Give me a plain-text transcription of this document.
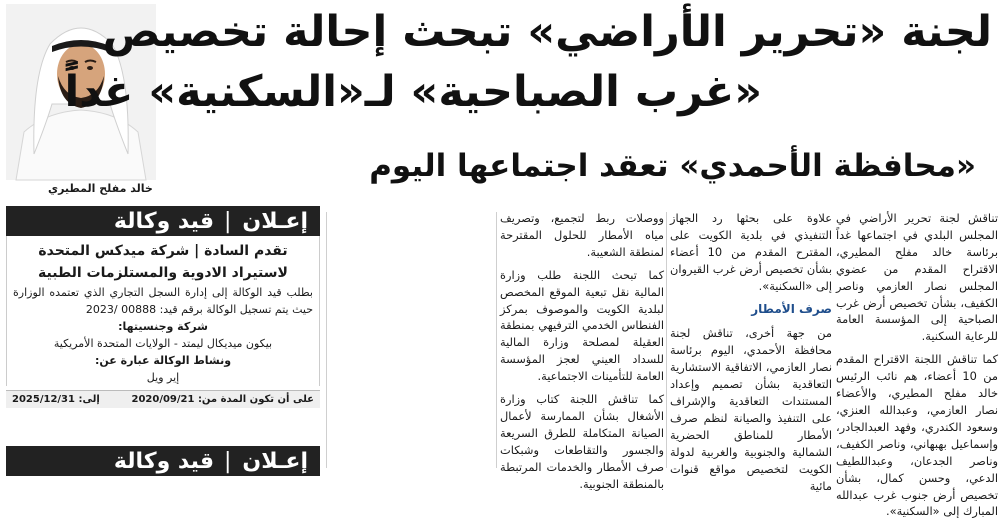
خالد مفلح المطيري
لجنة «تحرير الأراضي» تبحث إحالة تخصيص
«غرب الصباحية» لـ«السكنية» غداً
«محافظة الأحمدي» تعقد اجتماعها اليوم
إعـلان
|
قيد وكالة
تقدم السادة | شركة ميدكس المتحدة لاستيراد الادوية والمستلزمات الطبية
بطلب قيد الوكالة إلى إدارة السجل التجاري الذي تعتمده الوزارة حيث يتم تسجيل الوكالة برقم قيد: 00888 /2023
شركة وجنسيتها:
بيكون ميديكال ليمتد - الولايات المتحدة الأمريكية
ونشاط الوكالة عبارة عن:
إير ويل
على أن تكون المدة من: 2020/09/21
إلى: 2025/12/31
إعـلان
|
قيد وكالة

تناقش لجنة تحرير الأراضي في المجلس البلدي في اجتماعها غداً برئاسة خالد مفلح المطيري، الاقتراح المقدم من عضوي المجلس نصار العازمي وناصر الكفيف، بشأن تخصيص أرض غرب الصباحية إلى المؤسسة العامة للرعاية السكنية.

كما تناقش اللجنة الاقتراح المقدم من 10 أعضاء، هم نائب الرئيس خالد مفلح المطيري، والأعضاء نصار العازمي، وعبدالله العنزي، وسعود الكندري، وفهد العبدالجادر، وإسماعيل بهبهاني، وناصر الكفيف، وناصر الجدعان، وعبداللطيف الدعي، وحسن كمال، بشأن تخصيص أرض جنوب غرب عبدالله المبارك إلى «السكنية».

علاوة على بحثها رد الجهاز التنفيذي في بلدية الكويت على المقترح المقدم من 10 أعضاء بشأن تخصيص أرض غرب القيروان إلى «السكنية».

صرف الأمطار

من جهة أخرى، تناقش لجنة محافظة الأحمدي، اليوم برئاسة نصار العازمي، الاتفاقية الاستشارية التعاقدية بشأن تصميم وإعداد المستندات التعاقدية والإشراف على التنفيذ والصيانة لنظم صرف الأمطار للمناطق الحضرية الشمالية والجنوبية والغربية لدولة الكويت لتخصيص مواقع قنوات مائية

ووصلات ربط لتجميع، وتصريف مياه الأمطار للحلول المقترحة لمنطقة الشعيبة.

كما تبحث اللجنة طلب وزارة المالية نقل تبعية الموقع المخصص لبلدية الكويت والموصوف بمركز الفنطاس الخدمي الترفيهي بمنطقة العقيلة لمصلحة وزارة المالية للسداد العيني لعجز المؤسسة العامة للتأمينات الاجتماعية.

كما تناقش اللجنة كتاب وزارة الأشغال بشأن الممارسة لأعمال الصيانة المتكاملة للطرق السريعة والجسور والتقاطعات وشبكات صرف الأمطار والخدمات المرتبطة بالمنطقة الجنوبية.
